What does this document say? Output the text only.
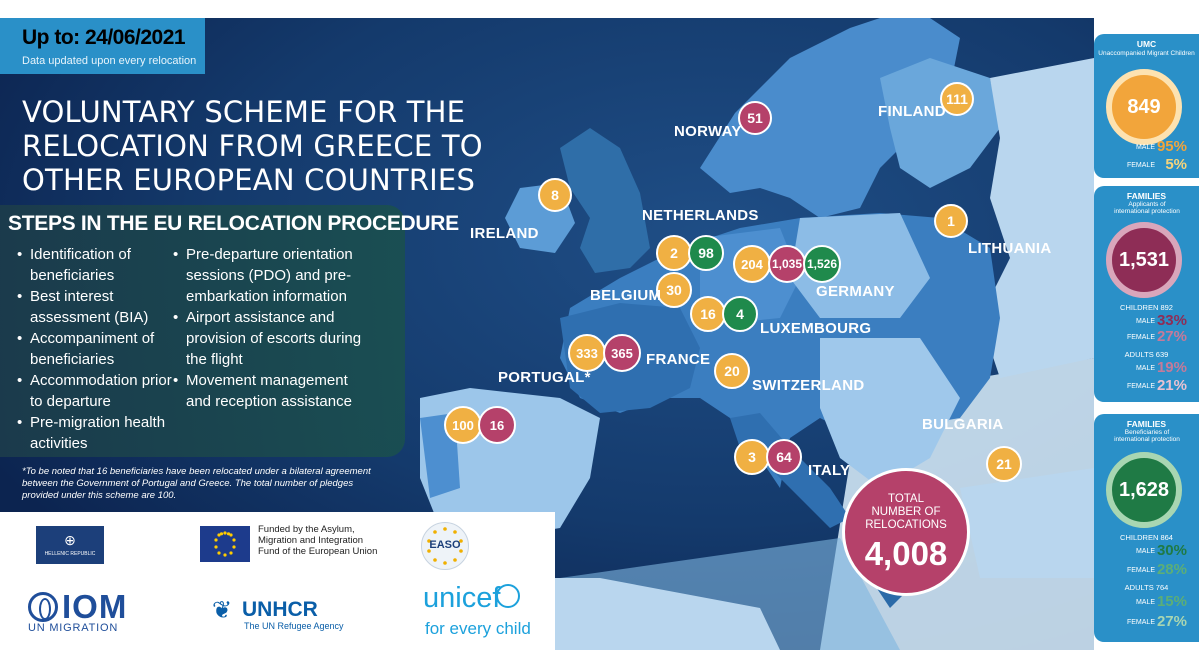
Up to: 24/06/2021
Data updated upon every relocation
VOLUNTARY SCHEME FOR THE
RELOCATION FROM GREECE TO
OTHER EUROPEAN COUNTRIES
STEPS IN THE EU RELOCATION PROCEDURE
• Identification of beneficiaries
• Best interest assessment (BIA)
• Accompaniment of beneficiaries
• Accommodation prior to departure
• Pre-migration health activities
• Pre-departure orientation sessions (PDO) and pre-embarkation information
• Airport assistance and provision of escorts during the flight
• Movement management and reception assistance
*To be noted that 16 beneficiaries have been relocated under a bilateral agreement between the Government of Portugal and Greece. The total number of pledges provided under this scheme are 100.
111
FINLAND
51
NORWAY
8
IRELAND
NETHERLANDS
2	98
1
LITHUANIA
204 1,035 1,526
GERMANY
30
BELGIUM
16	4
LUXEMBOURG
333	365 FRANCE
PORTUGAL*
100	16
20
SWITZERLAND
BULGARIA
21
3	64
ITALY
TOTAL
NUMBER OF
RELOCATIONS
4,008
⊕
HELLENIC REPUBLIC
Funded by the Asylum, Migration and Integration Fund of the European Union
EASO
IOM
UN MIGRATION
❦ UNHCR
The UN Refugee Agency
unicef
for every child
UMC
Unaccompanied Migrant Children
849
MALE 95%
FEMALE 5%
FAMILIES
Applicants of international protection
1,531
CHILDREN 892
MALE 33%
FEMALE 27%
ADULTS 639
MALE 19%
FEMALE 21%
FAMILIES
Beneficiaries of international protection
1,628
CHILDREN 864
MALE 30%
FEMALE 28%
ADULTS 764
MALE 15%
FEMALE 27%
